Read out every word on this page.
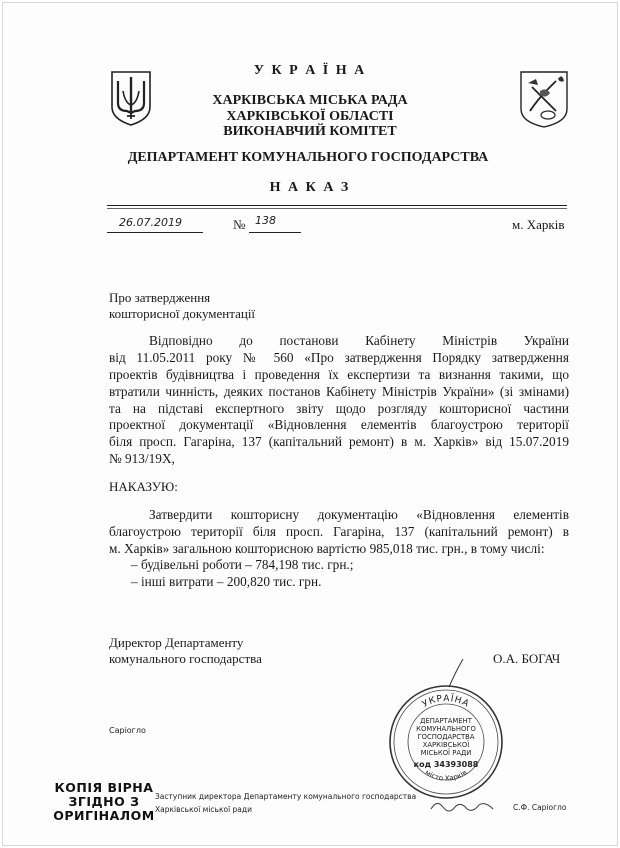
У К Р А Ї Н А
ХАРКІВСЬКА МІСЬКА РАДА
ХАРКІВСЬКОЇ ОБЛАСТІ
ВИКОНАВЧИЙ КОМІТЕТ
ДЕПАРТАМЕНТ КОМУНАЛЬНОГО ГОСПОДАРСТВА
Н А К А З
26.07.2019	№ 138	м. Харків
Про затвердження
кошторисної документації
Відповідно до постанови Кабінету Міністрів України
від 11.05.2011 року № 560 «Про затвердження Порядку затвердження
проектів будівництва і проведення їх експертизи та визнання такими, що
втратили чинність, деяких постанов Кабінету Міністрів України» (зі змінами)
та на підставі експертного звіту щодо розгляду кошторисної частини
проектної документації «Відновлення елементів благоустрою території
біля просп. Гагаріна, 137 (капітальний ремонт) в м. Харків» від 15.07.2019
№ 913/19Х,
НАКАЗУЮ:
Затвердити кошторисну документацію «Відновлення елементів
благоустрою території біля просп. Гагаріна, 137 (капітальний ремонт) в
м. Харків» загальною кошторисною вартістю 985,018 тис. грн., в тому числі:
– будівельні роботи – 784,198 тис. грн.;
– інші витрати – 200,820 тис. грн.
Директор Департаменту
комунального господарства	О.А. БОГАЧ
УКРАЇНА
місто Харків
ДЕПАРТАМЕНТ
КОМУНАЛЬНОГО
ГОСПОДАРСТВА
ХАРКІВСЬКОЇ
МІСЬКОЇ РАДИ
код 34393088
Саріогло
КОПІЯ ВІРНА
ЗГІДНО З
ОРИГІНАЛОМ
Заступник директора Департаменту комунального господарства
Харківської міської ради	С.Ф. Саріогло
